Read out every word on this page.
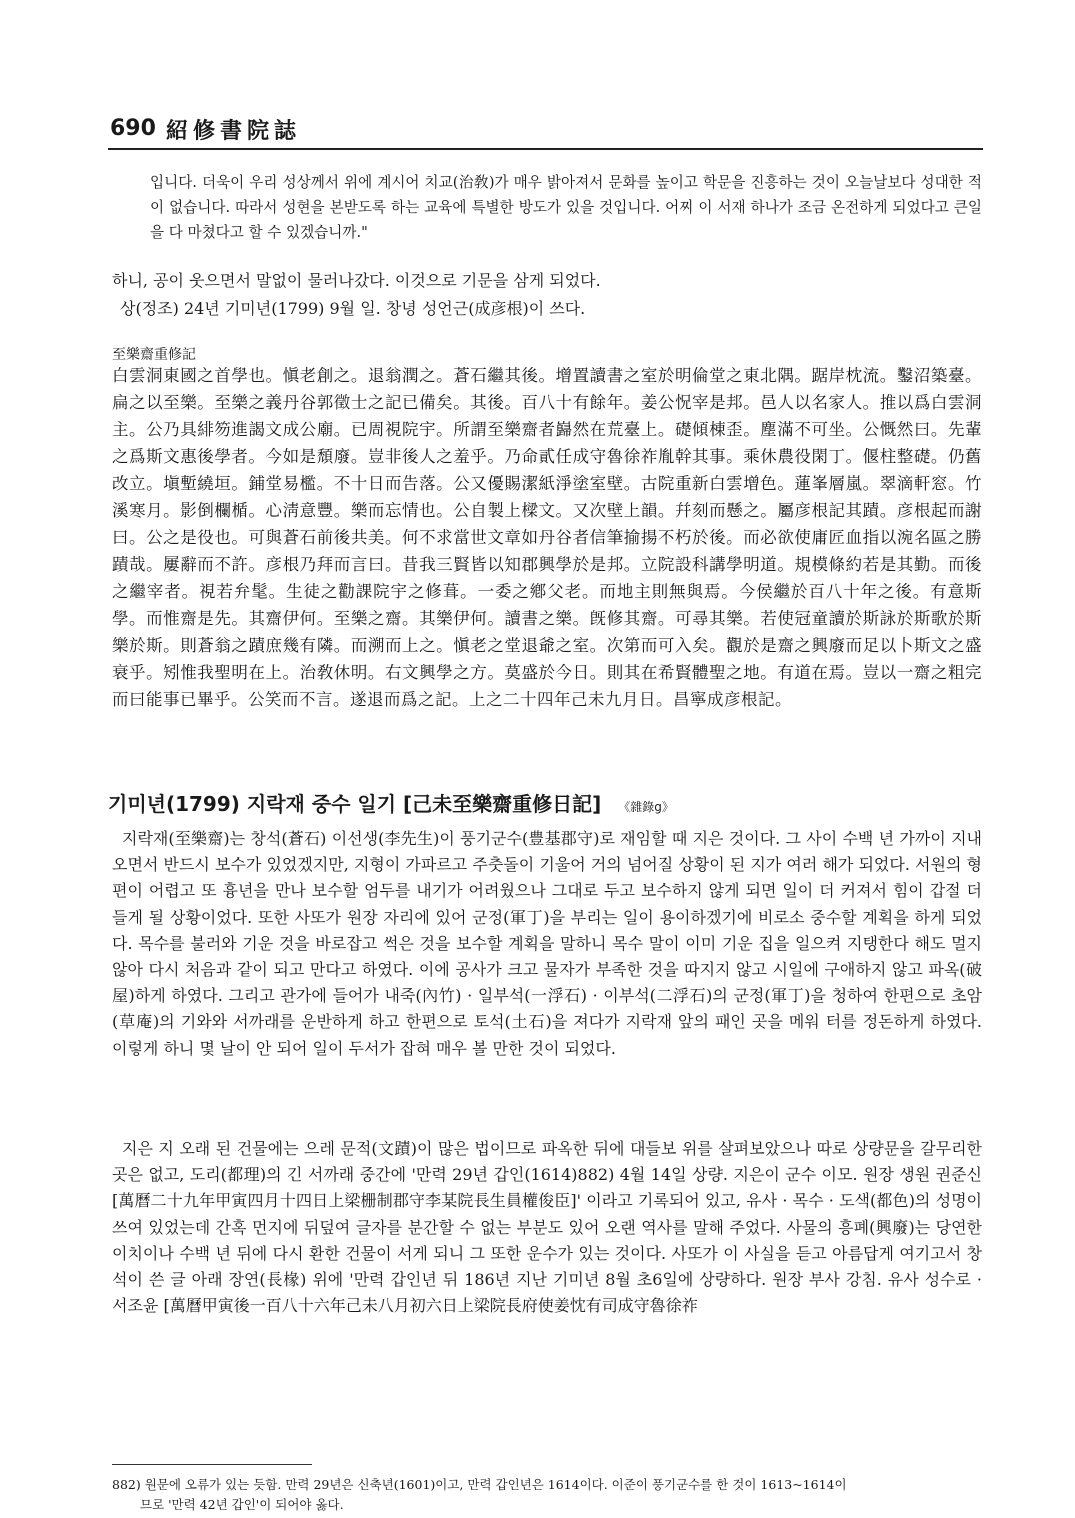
690 紹修書院誌
입니다. 더욱이 우리 성상께서 위에 계시어 치교(治敎)가 매우 밝아져서 문화를 높이고 학문을 진흥하는 것이 오늘날보다 성대한 적이 없습니다. 따라서 성현을 본받도록 하는 교육에 특별한 방도가 있을 것입니다. 어찌 이 서재 하나가 조금 온전하게 되었다고 큰일을 다 마쳤다고 할 수 있겠습니까."
하니, 공이 웃으면서 말없이 물러나갔다. 이것으로 기문을 삼게 되었다.
상(정조) 24년 기미년(1799) 9월 일. 창녕 성언근(成彦根)이 쓰다.
至樂齋重修記
白雲洞東國之首學也。愼老創之。退翁潤之。蒼石繼其後。增置讀書之室於明倫堂之東北隅。踞岸枕流。鑿沼築臺。扁之以至樂。至樂之義丹谷郭徵士之記已備矣。其後。百八十有餘年。姜公怳宰是邦。邑人以名家人。推以爲白雲洞主。公乃具緋笏進謁文成公廟。已周視院宇。所謂至樂齋者巋然在荒臺上。礎傾棟歪。塵滿不可坐。公慨然曰。先輩之爲斯文惠後學者。今如是頹廢。豈非後人之羞乎。乃命貳任成守魯徐祚胤幹其事。乘休農役閑丁。偃柱整礎。仍舊改立。塡塹繞垣。鋪堂易檻。不十日而告落。公又優賜潔紙淨塗室壁。古院重新白雲增色。蓮峯層嵐。翠滴軒窓。竹溪寒月。影倒欄楯。心淸意豐。樂而忘情也。公自製上樑文。又次壁上韻。幷刻而懸之。屬彦根記其蹟。彦根起而謝曰。公之是役也。可與蒼石前後共美。何不求當世文章如丹谷者信筆揄揚不朽於後。而必欲使庸匠血指以涴名區之勝蹟哉。屢辭而不許。彦根乃拜而言曰。昔我三賢皆以知郡興學於是邦。立院設科講學明道。規模條約若是其勤。而後之繼宰者。視若弁髦。生徒之勸課院宇之修葺。一委之鄕父老。而地主則無與焉。今侯繼於百八十年之後。有意斯學。而惟齋是先。其齋伊何。至樂之齋。其樂伊何。讀書之樂。旣修其齋。可尋其樂。若使冠童讀於斯詠於斯歌於斯樂於斯。則蒼翁之蹟庶幾有隣。而溯而上之。愼老之堂退爺之室。次第而可入矣。觀於是齋之興廢而足以卜斯文之盛衰乎。矧惟我聖明在上。治敎休明。右文興學之方。莫盛於今日。則其在希賢體聖之地。有道在焉。豈以一齋之粗完而曰能事已畢乎。公笑而不言。遂退而爲之記。上之二十四年己未九月日。昌寧成彦根記。
기미년(1799) 지락재 중수 일기 [己未至樂齋重修日記] 《雜錄g》
지락재(至樂齋)는 창석(蒼石) 이선생(李先生)이 풍기군수(豊基郡守)로 재임할 때 지은 것이다. 그 사이 수백 년 가까이 지내오면서 반드시 보수가 있었겠지만, 지형이 가파르고 주춧돌이 기울어 거의 넘어질 상황이 된 지가 여러 해가 되었다. 서원의 형편이 어렵고 또 흉년을 만나 보수할 엄두를 내기가 어려웠으나 그대로 두고 보수하지 않게 되면 일이 더 커져서 힘이 갑절 더 들게 될 상황이었다. 또한 사또가 원장 자리에 있어 군정(軍丁)을 부리는 일이 용이하겠기에 비로소 중수할 계획을 하게 되었다. 목수를 불러와 기운 것을 바로잡고 썩은 것을 보수할 계획을 말하니 목수 말이 이미 기운 집을 일으켜 지탱한다 해도 멀지 않아 다시 처음과 같이 되고 만다고 하였다. 이에 공사가 크고 물자가 부족한 것을 따지지 않고 시일에 구애하지 않고 파옥(破屋)하게 하였다. 그리고 관가에 들어가 내죽(內竹) · 일부석(一浮石) · 이부석(二浮石)의 군정(軍丁)을 청하여 한편으로 초암(草庵)의 기와와 서까래를 운반하게 하고 한편으로 토석(土石)을 져다가 지락재 앞의 패인 곳을 메워 터를 정돈하게 하였다. 이렇게 하니 몇 날이 안 되어 일이 두서가 잡혀 매우 볼 만한 것이 되었다.
지은 지 오래 된 건물에는 으레 문적(文蹟)이 많은 법이므로 파옥한 뒤에 대들보 위를 살펴보았으나 따로 상량문을 갈무리한 곳은 없고, 도리(都理)의 긴 서까래 중간에 '만력 29년 갑인(1614)882) 4월 14일 상량. 지은이 군수 이모. 원장 생원 권준신 [萬曆二十九年甲寅四月十四日上梁栅制郡守李某院長生員權俊臣]' 이라고 기록되어 있고, 유사 · 목수 · 도색(都色)의 성명이 쓰여 있었는데 간혹 먼지에 뒤덮여 글자를 분간할 수 없는 부분도 있어 오랜 역사를 말해 주었다. 사물의 흥폐(興廢)는 당연한 이치이나 수백 년 뒤에 다시 환한 건물이 서게 되니 그 또한 운수가 있는 것이다. 사또가 이 사실을 듣고 아름답게 여기고서 창석이 쓴 글 아래 장연(長椽) 위에 '만력 갑인년 뒤 186년 지난 기미년 8월 초6일에 상량하다. 원장 부사 강침. 유사 성수로 · 서조윤 [萬曆甲寅後一百八十六年己未八月初六日上梁院長府使姜忱有司成守魯徐祚
882) 원문에 오류가 있는 듯함. 만력 29년은 신축년(1601)이고, 만력 갑인년은 1614이다. 이준이 풍기군수를 한 것이 1613~1614이
므로 '만력 42년 갑인'이 되어야 옳다.
